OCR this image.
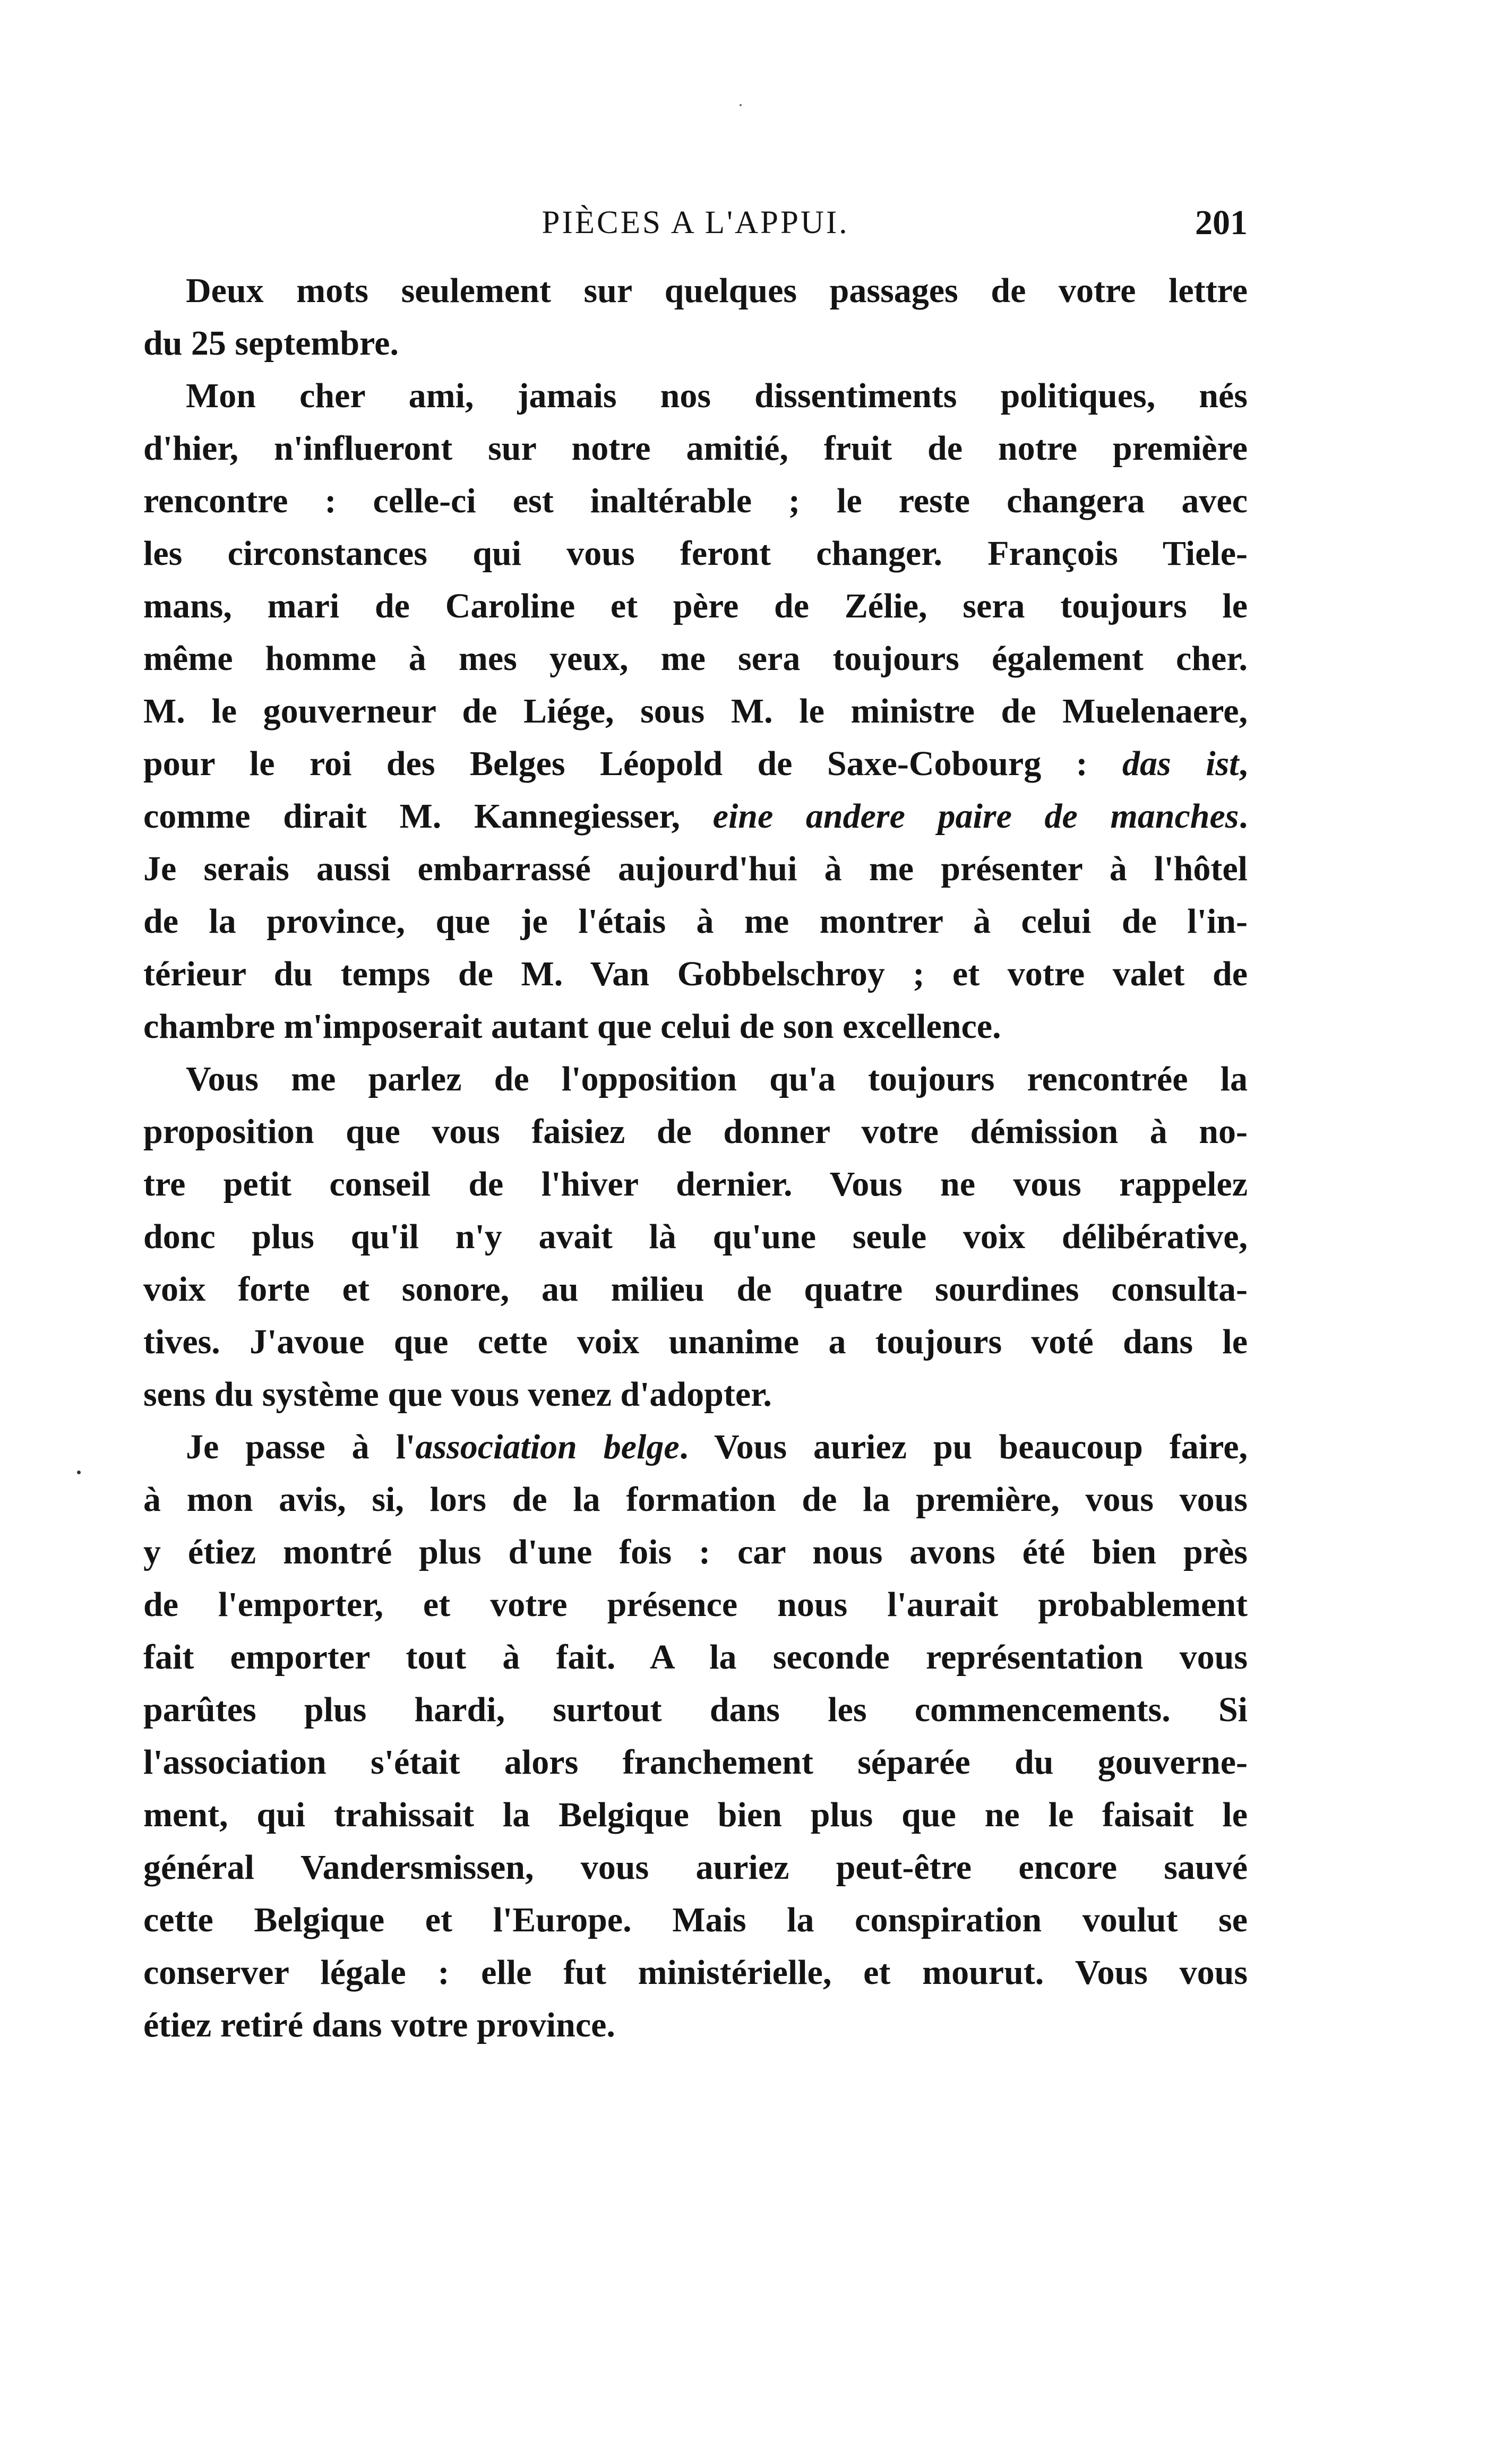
PIÈCES A L'APPUI.	201
Deux mots seulement sur quelques passages de votre lettre
du 25 septembre.
Mon cher ami, jamais nos dissentiments politiques, nés
d'hier, n'influeront sur notre amitié, fruit de notre première
rencontre : celle-ci est inaltérable ; le reste changera avec
les circonstances qui vous feront changer. François Tiele-
mans, mari de Caroline et père de Zélie, sera toujours le
même homme à mes yeux, me sera toujours également cher.
M. le gouverneur de Liége, sous M. le ministre de Muelenaere,
pour le roi des Belges Léopold de Saxe-Cobourg : das ist,
comme dirait M. Kannegiesser, eine andere paire de manches.
Je serais aussi embarrassé aujourd'hui à me présenter à l'hôtel
de la province, que je l'étais à me montrer à celui de l'in-
térieur du temps de M. Van Gobbelschroy ; et votre valet de
chambre m'imposerait autant que celui de son excellence.
Vous me parlez de l'opposition qu'a toujours rencontrée la
proposition que vous faisiez de donner votre démission à no-
tre petit conseil de l'hiver dernier. Vous ne vous rappelez
donc plus qu'il n'y avait là qu'une seule voix délibérative,
voix forte et sonore, au milieu de quatre sourdines consulta-
tives. J'avoue que cette voix unanime a toujours voté dans le
sens du système que vous venez d'adopter.
Je passe à l'association belge. Vous auriez pu beaucoup faire,
à mon avis, si, lors de la formation de la première, vous vous
y étiez montré plus d'une fois : car nous avons été bien près
de l'emporter, et votre présence nous l'aurait probablement
fait emporter tout à fait. A la seconde représentation vous
parûtes plus hardi, surtout dans les commencements. Si
l'association s'était alors franchement séparée du gouverne-
ment, qui trahissait la Belgique bien plus que ne le faisait le
général Vandersmissen, vous auriez peut-être encore sauvé
cette Belgique et l'Europe. Mais la conspiration voulut se
conserver légale : elle fut ministérielle, et mourut. Vous vous
étiez retiré dans votre province.
